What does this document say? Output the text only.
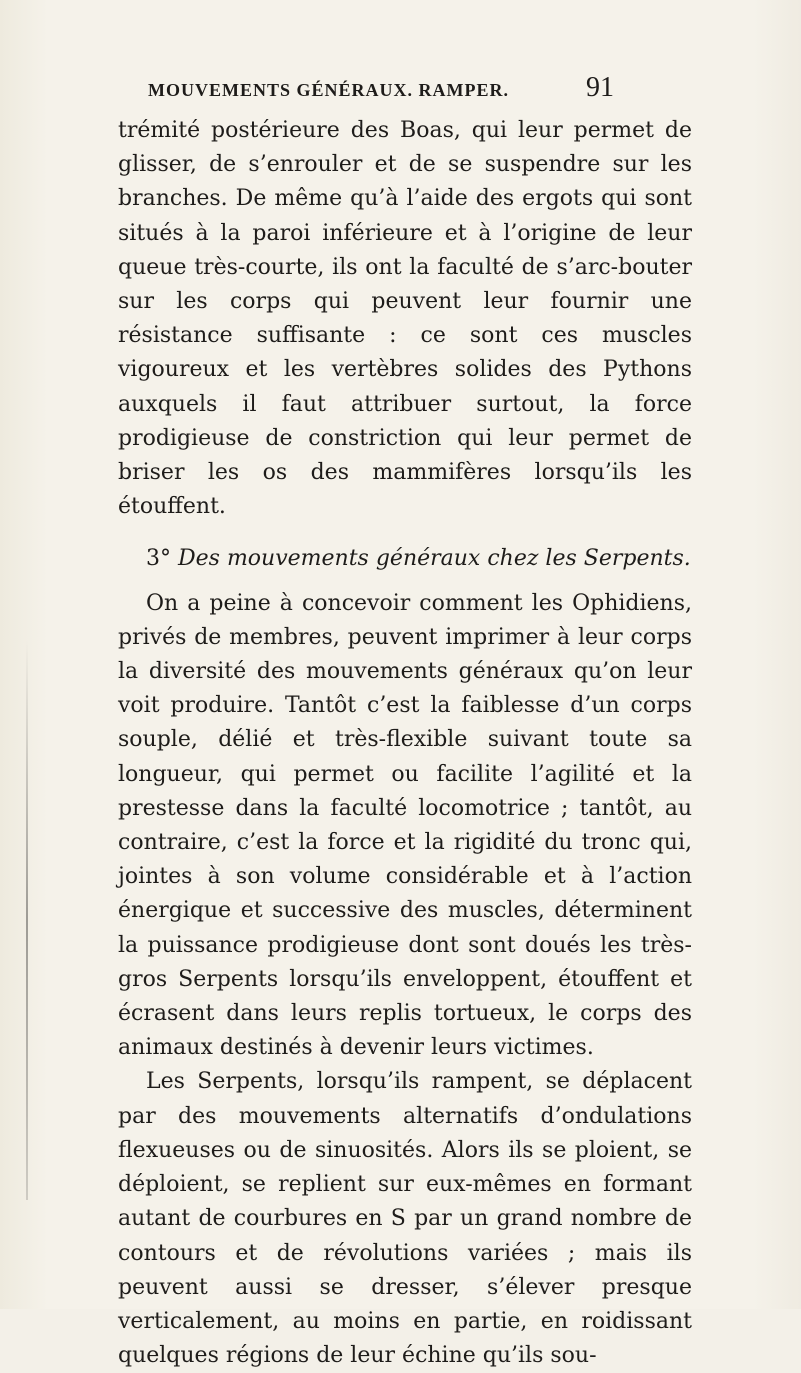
MOUVEMENTS GÉNÉRAUX. RAMPER.	91

trémité postérieure des Boas, qui leur permet de glisser, de s’enrouler et de se suspendre sur les branches. De même qu’à l’aide des ergots qui sont situés à la paroi inférieure et à l’origine de leur queue très-courte, ils ont la faculté de s’arc-bouter sur les corps qui peuvent leur fournir une résistance suffisante : ce sont ces muscles vigoureux et les vertèbres solides des Pythons auxquels il faut attribuer surtout, la force prodigieuse de constriction qui leur permet de briser les os des mammifères lorsqu’ils les étouffent.

3° Des mouvements généraux chez les Serpents.

On a peine à concevoir comment les Ophidiens, privés de membres, peuvent imprimer à leur corps la diversité des mouvements généraux qu’on leur voit produire. Tantôt c’est la faiblesse d’un corps souple, délié et très-flexible suivant toute sa longueur, qui permet ou facilite l’agilité et la prestesse dans la faculté locomotrice ; tantôt, au contraire, c’est la force et la rigidité du tronc qui, jointes à son volume considérable et à l’action énergique et successive des muscles, déterminent la puissance prodigieuse dont sont doués les très-gros Serpents lorsqu’ils enveloppent, étouffent et écrasent dans leurs replis tortueux, le corps des animaux destinés à devenir leurs victimes.

Les Serpents, lorsqu’ils rampent, se déplacent par des mouvements alternatifs d’ondulations flexueuses ou de sinuosités. Alors ils se ploient, se déploient, se replient sur eux-mêmes en formant autant de courbures en S par un grand nombre de contours et de révolutions variées ; mais ils peuvent aussi se dresser, s’élever presque verticalement, au moins en partie, en roidissant quelques régions de leur échine qu’ils sou-
